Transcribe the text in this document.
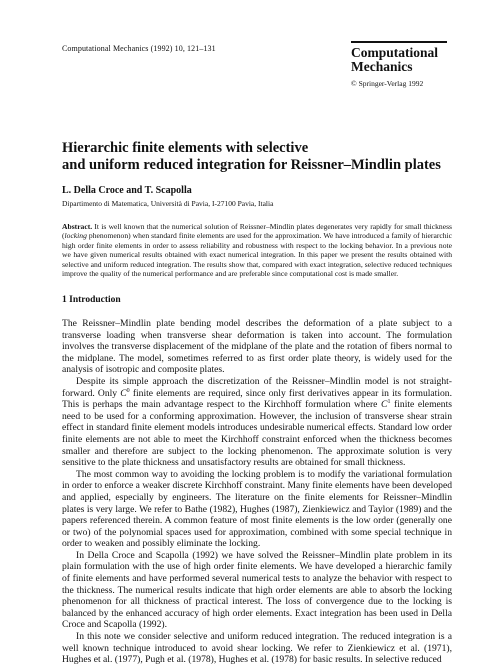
Computational Mechanics (1992) 10, 121–131	Computational
Mechanics
© Springer-Verlag 1992
Hierarchic finite elements with selective
and uniform reduced integration for Reissner–Mindlin plates
L. Della Croce and T. Scapolla
Dipartimento di Matematica, Università di Pavia, I-27100 Pavia, Italia
Abstract. It is well known that the numerical solution of Reissner–Mindlin plates degenerates very rapidly for small thickness (locking phenomenon) when standard finite elements are used for the approximation. We have introduced a family of hierarchic high order finite elements in order to assess reliability and robustness with respect to the locking behavior. In a previous note we have given numerical results obtained with exact numerical integration. In this paper we present the results obtained with selective and uniform reduced integration. The results show that, compared with exact integration, selective reduced techniques improve the quality of the numerical performance and are preferable since computational cost is made smaller.
1 Introduction

The Reissner–Mindlin plate bending model describes the deformation of a plate subject to a transverse loading when transverse shear deformation is taken into account. The formulation involves the transverse displacement of the midplane of the plate and the rotation of fibers normal to the midplane. The model, sometimes referred to as first order plate theory, is widely used for the analysis of isotropic and composite plates.

Despite its simple approach the discretization of the Reissner–Mindlin model is not straight-forward. Only $C^0$ finite elements are required, since only first derivatives appear in its formulation. This is perhaps the main advantage respect to the Kirchhoff formulation where $C^1$ finite elements need to be used for a conforming approximation. However, the inclusion of transverse shear strain effect in standard finite element models introduces undesirable numerical effects. Standard low order finite elements are not able to meet the Kirchhoff constraint enforced when the thickness becomes smaller and therefore are subject to the locking phenomenon. The approximate solution is very sensitive to the plate thickness and unsatisfactory results are obtained for small thickness.

The most common way to avoiding the locking problem is to modify the variational formulation in order to enforce a weaker discrete Kirchhoff constraint. Many finite elements have been developed and applied, especially by engineers. The literature on the finite elements for Reissner–Mindlin plates is very large. We refer to Bathe (1982), Hughes (1987), Zienkiewicz and Taylor (1989) and the papers referenced therein. A common feature of most finite elements is the low order (generally one or two) of the polynomial spaces used for approximation, combined with some special technique in order to weaken and possibly eliminate the locking.

In Della Croce and Scapolla (1992) we have solved the Reissner–Mindlin plate problem in its plain formulation with the use of high order finite elements. We have developed a hierarchic family of finite elements and have performed several numerical tests to analyze the behavior with respect to the thickness. The numerical results indicate that high order elements are able to absorb the locking phenomenon for all thickness of practical interest. The loss of convergence due to the locking is balanced by the enhanced accuracy of high order elements. Exact integration has been used in Della Croce and Scapolla (1992).

In this note we consider selective and uniform reduced integration. The reduced integration is a well known technique introduced to avoid shear locking. We refer to Zienkiewicz et al. (1971), Hughes et al. (1977), Pugh et al. (1978), Hughes et al. (1978) for basic results. In selective reduced
